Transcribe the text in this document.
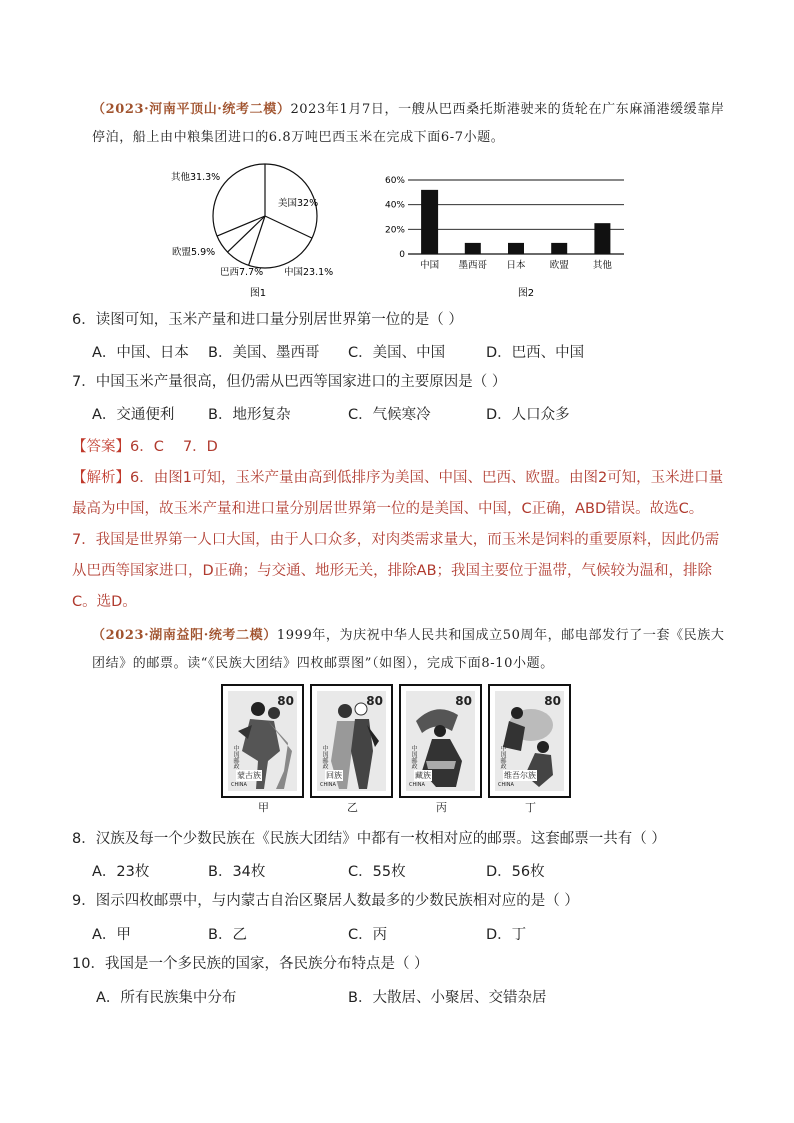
（2023·河南平顶山·统考二模）2023年1月7日，一艘从巴西桑托斯港驶来的货轮在广东麻涌港缓缓靠岸停泊，船上由中粮集团进口的6.8万吨巴西玉米在完成下面6-7小题。
其他31.3%
美国32%
欧盟5.9%
巴西7.7% 中国23.1%
图1
60%
40%
20%
0
中国 墨西哥 日本	欧盟	其他
图2
6．读图可知，玉米产量和进口量分别居世界第一位的是（ ）
A．中国、日本 B．美国、墨西哥 C．美国、中国	D．巴西、中国
7．中国玉米产量很高，但仍需从巴西等国家进口的主要原因是（ ）
A．交通便利 B．地形复杂	C．气候寒冷	D．人口众多
【答案】6．C　 7．D
【解析】6．由图1可知，玉米产量由高到低排序为美国、中国、巴西、欧盟。由图2可知，玉米进口量最高为中国，故玉米产量和进口量分别居世界第一位的是美国、中国，C正确，ABD错误。故选C。
7．我国是世界第一人口大国，由于人口众多，对肉类需求量大，而玉米是饲料的重要原料，因此仍需从巴西等国家进口，D正确；与交通、地形无关，排除AB；我国主要位于温带，气候较为温和，排除C。选D。
（2023·湖南益阳·统考二模）1999年，为庆祝中华人民共和国成立50周年，邮电部发行了一套《民族大团结》的邮票。读“《民族大团结》四枚邮票图”（如图），完成下面8-10小题。
80
中国邮政
蒙古族
CHINA
80
中国邮政
回族
CHINA
80
中国邮政
藏族
CHINA
80
中国邮政
维吾尔族
CHINA
甲	乙	丙	丁
8．汉族及每一个少数民族在《民族大团结》中都有一枚相对应的邮票。这套邮票一共有（ ）
A．23枚	B．34枚	C．55枚	D．56枚
9．图示四枚邮票中，与内蒙古自治区聚居人数最多的少数民族相对应的是（ ）
A．甲	B．乙	C．丙	D．丁
10．我国是一个多民族的国家，各民族分布特点是（ ）
A．所有民族集中分布	B．大散居、小聚居、交错杂居
